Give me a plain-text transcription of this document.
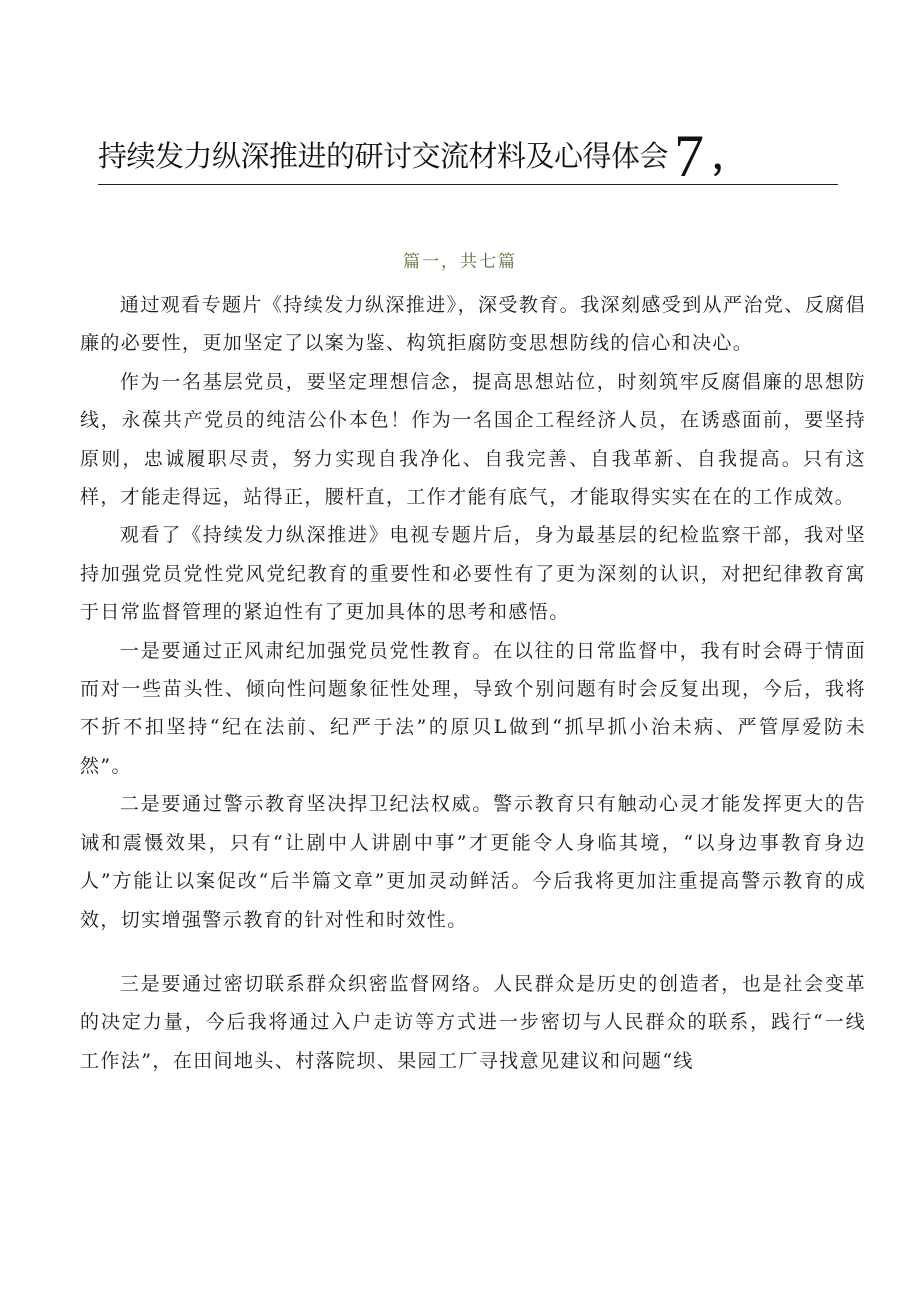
持续发力纵深推进的研讨交流材料及心得体会 7 ，
篇一，共七篇

通过观看专题片《持续发力纵深推进》，深受教育。我深刻感受到从严治党、反腐倡廉的必要性，更加坚定了以案为鉴、构筑拒腐防变思想防线的信心和决心。

作为一名基层党员，要坚定理想信念，提高思想站位，时刻筑牢反腐倡廉的思想防线，永葆共产党员的纯洁公仆本色！作为一名国企工程经济人员，在诱惑面前，要坚持原则，忠诚履职尽责，努力实现自我净化、自我完善、自我革新、自我提高。只有这样，才能走得远，站得正，腰杆直，工作才能有底气，才能取得实实在在的工作成效。

观看了《持续发力纵深推进》电视专题片后，身为最基层的纪检监察干部，我对坚持加强党员党性党风党纪教育的重要性和必要性有了更为深刻的认识，对把纪律教育寓于日常监督管理的紧迫性有了更加具体的思考和感悟。

一是要通过正风肃纪加强党员党性教育。在以往的日常监督中，我有时会碍于情面而对一些苗头性、倾向性问题象征性处理，导致个别问题有时会反复出现，今后，我将不折不扣坚持“纪在法前、纪严于法”的原贝L做到“抓早抓小治未病、严管厚爱防未然”。

二是要通过警示教育坚决捍卫纪法权威。警示教育只有触动心灵才能发挥更大的告诫和震慑效果，只有“让剧中人讲剧中事”才更能令人身临其境，“以身边事教育身边人”方能让以案促改“后半篇文章”更加灵动鲜活。今后我将更加注重提高警示教育的成效，切实增强警示教育的针对性和时效性。

三是要通过密切联系群众织密监督网络。人民群众是历史的创造者，也是社会变革的决定力量，今后我将通过入户走访等方式进一步密切与人民群众的联系，践行“一线工作法”，在田间地头、村落院坝、果园工厂寻找意见建议和问题“线
